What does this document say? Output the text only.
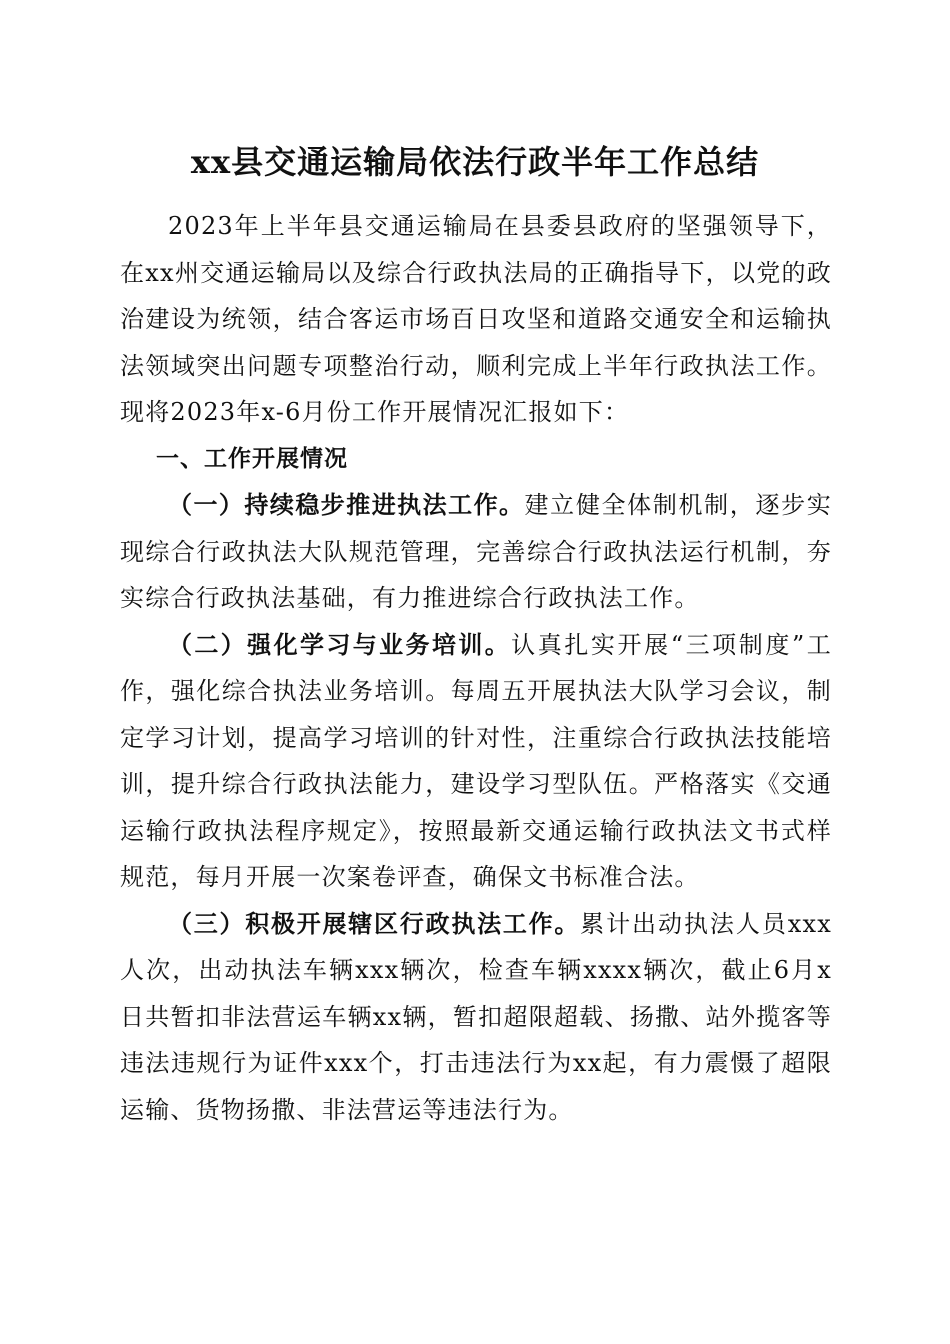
xx县交通运输局依法行政半年工作总结

2023年上半年县交通运输局在县委县政府的坚强领导下，在xx州交通运输局以及综合行政执法局的正确指导下，以党的政治建设为统领，结合客运市场百日攻坚和道路交通安全和运输执法领域突出问题专项整治行动，顺利完成上半年行政执法工作。现将2023年x-6月份工作开展情况汇报如下：

一、工作开展情况

（一）持续稳步推进执法工作。建立健全体制机制，逐步实现综合行政执法大队规范管理，完善综合行政执法运行机制，夯实综合行政执法基础，有力推进综合行政执法工作。

（二）强化学习与业务培训。认真扎实开展“三项制度”工作，强化综合执法业务培训。每周五开展执法大队学习会议，制定学习计划，提高学习培训的针对性，注重综合行政执法技能培训，提升综合行政执法能力，建设学习型队伍。严格落实《交通运输行政执法程序规定》，按照最新交通运输行政执法文书式样规范，每月开展一次案卷评查，确保文书标准合法。

（三）积极开展辖区行政执法工作。累计出动执法人员xxx人次，出动执法车辆xxx辆次，检查车辆xxxx辆次，截止6月x日共暂扣非法营运车辆xx辆，暂扣超限超载、扬撒、站外揽客等违法违规行为证件xxx个，打击违法行为xx起，有力震慑了超限运输、货物扬撒、非法营运等违法行为。
